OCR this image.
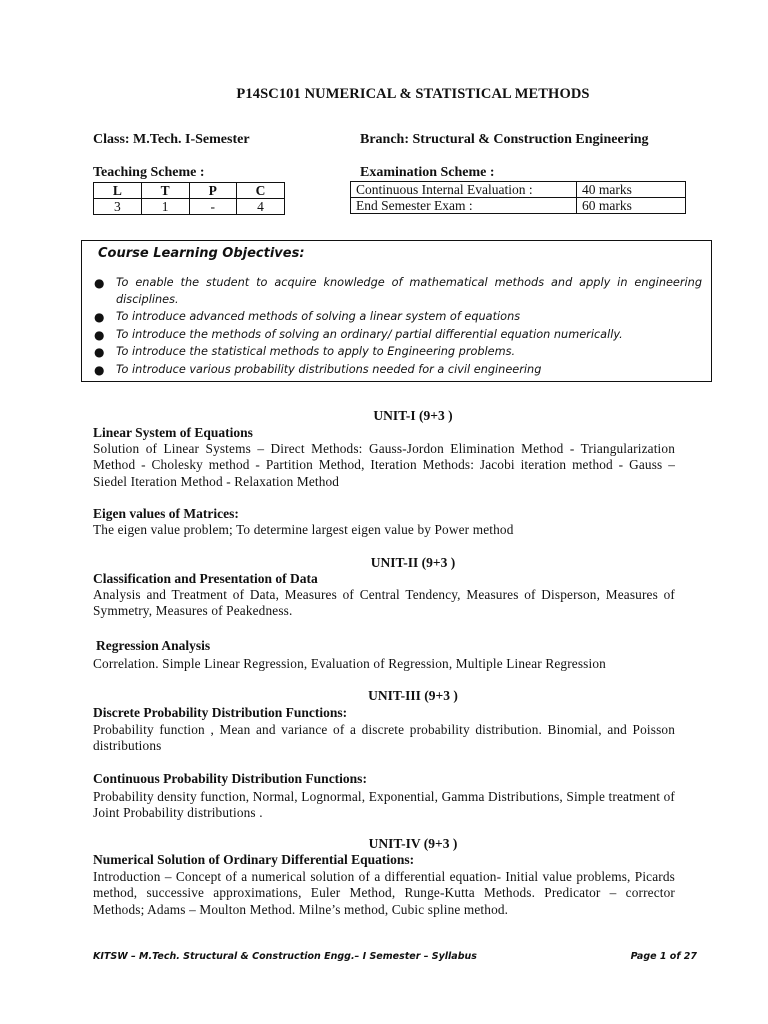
P14SC101 NUMERICAL & STATISTICAL METHODS
Class: M.Tech. I-Semester	Branch: Structural & Construction Engineering
Teaching Scheme :	Examination Scheme :
L	T	P	C
3	1	-	4
Continuous Internal Evaluation :	40 marks
End Semester Exam :	60 marks
Course Learning Objectives:
● To enable the student to acquire knowledge of mathematical methods and apply in engineering disciplines.
● To introduce advanced methods of solving a linear system of equations
● To introduce the methods of solving an ordinary/ partial differential equation numerically.
● To introduce the statistical methods to apply to Engineering problems.
● To introduce various probability distributions needed for a civil engineering
UNIT-I (9+3 )
Linear System of Equations
Solution of Linear Systems – Direct Methods: Gauss-Jordon Elimination Method - Triangularization Method - Cholesky method - Partition Method, Iteration Methods: Jacobi iteration method - Gauss – Siedel Iteration Method - Relaxation Method
Eigen values of Matrices:
The eigen value problem; To determine largest eigen value by Power method
UNIT-II (9+3 )
Classification and Presentation of Data
Analysis and Treatment of Data, Measures of Central Tendency, Measures of Disperson, Measures of Symmetry, Measures of Peakedness.
Regression Analysis
Correlation. Simple Linear Regression, Evaluation of Regression, Multiple Linear Regression
UNIT-III (9+3 )
Discrete Probability Distribution Functions:
Probability function , Mean and variance of a discrete probability distribution. Binomial, and Poisson distributions
Continuous Probability Distribution Functions:
Probability density function, Normal, Lognormal, Exponential, Gamma Distributions, Simple treatment of Joint Probability distributions .
UNIT-IV (9+3 )
Numerical Solution of Ordinary Differential Equations:
Introduction – Concept of a numerical solution of a differential equation- Initial value problems, Picards method, successive approximations, Euler Method, Runge-Kutta Methods. Predicator – corrector Methods; Adams – Moulton Method. Milne’s method, Cubic spline method.
KITSW – M.Tech. Structural & Construction Engg.– I Semester – Syllabus	Page 1 of 27
